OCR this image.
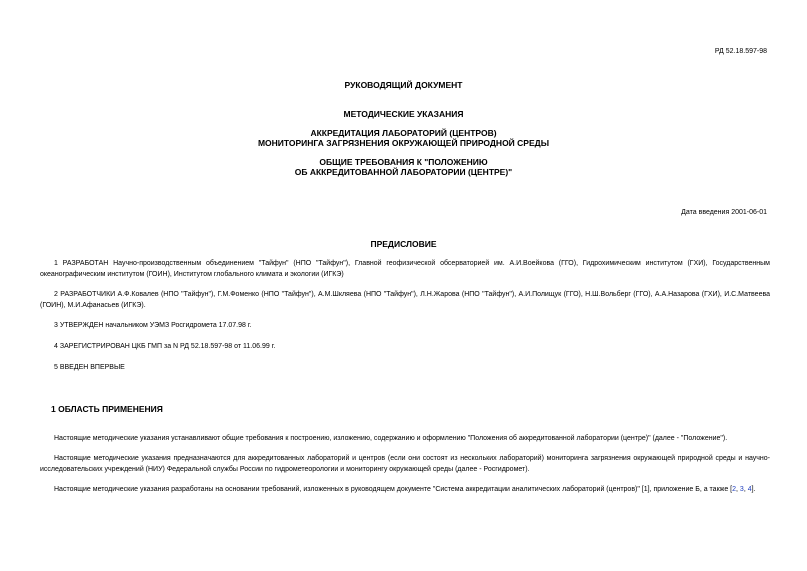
РД 52.18.597-98
РУКОВОДЯЩИЙ ДОКУМЕНТ
МЕТОДИЧЕСКИЕ УКАЗАНИЯ
АККРЕДИТАЦИЯ ЛАБОРАТОРИЙ (ЦЕНТРОВ)
МОНИТОРИНГА ЗАГРЯЗНЕНИЯ ОКРУЖАЮЩЕЙ ПРИРОДНОЙ СРЕДЫ
ОБЩИЕ ТРЕБОВАНИЯ К "ПОЛОЖЕНИЮ
ОБ АККРЕДИТОВАННОЙ ЛАБОРАТОРИИ (ЦЕНТРЕ)"
Дата введения 2001-06-01
ПРЕДИСЛОВИЕ
1 РАЗРАБОТАН Научно-производственным объединением "Тайфун" (НПО "Тайфун"), Главной геофизической обсерваторией им. А.И.Воейкова (ГГО), Гидрохимическим институтом (ГХИ), Государственным океанографическим институтом (ГОИН), Институтом глобального климата и экологии (ИГКЭ)
2 РАЗРАБОТЧИКИ А.Ф.Ковалев (НПО "Тайфун"), Г.М.Фоменко (НПО "Тайфун"), А.М.Шкляева (НПО "Тайфун"), Л.Н.Жарова (НПО "Тайфун"), А.И.Полищук (ГГО), Н.Ш.Вольберг (ГГО), А.А.Назарова (ГХИ), И.С.Матвеева (ГОИН), М.И.Афанасьев (ИГКЭ).
3 УТВЕРЖДЕН начальником УЭМЗ Росгидромета 17.07.98 г.
4 ЗАРЕГИСТРИРОВАН ЦКБ ГМП за N РД 52.18.597-98 от 11.06.99 г.
5 ВВЕДЕН ВПЕРВЫЕ
1 ОБЛАСТЬ ПРИМЕНЕНИЯ
Настоящие методические указания устанавливают общие требования к построению, изложению, содержанию и оформлению "Положения об аккредитованной лаборатории (центре)" (далее - "Положение").
Настоящие методические указания предназначаются для аккредитованных лабораторий и центров (если они состоят из нескольких лабораторий) мониторинга загрязнения окружающей природной среды и научно-исследовательских учреждений (НИУ) Федеральной службы России по гидрометеорологии и мониторингу окружающей среды (далее - Росгидромет).
Настоящие методические указания разработаны на основании требований, изложенных в руководящем документе "Система аккредитации аналитических лабораторий (центров)" [1], приложение Б, а также [2, 3, 4].
